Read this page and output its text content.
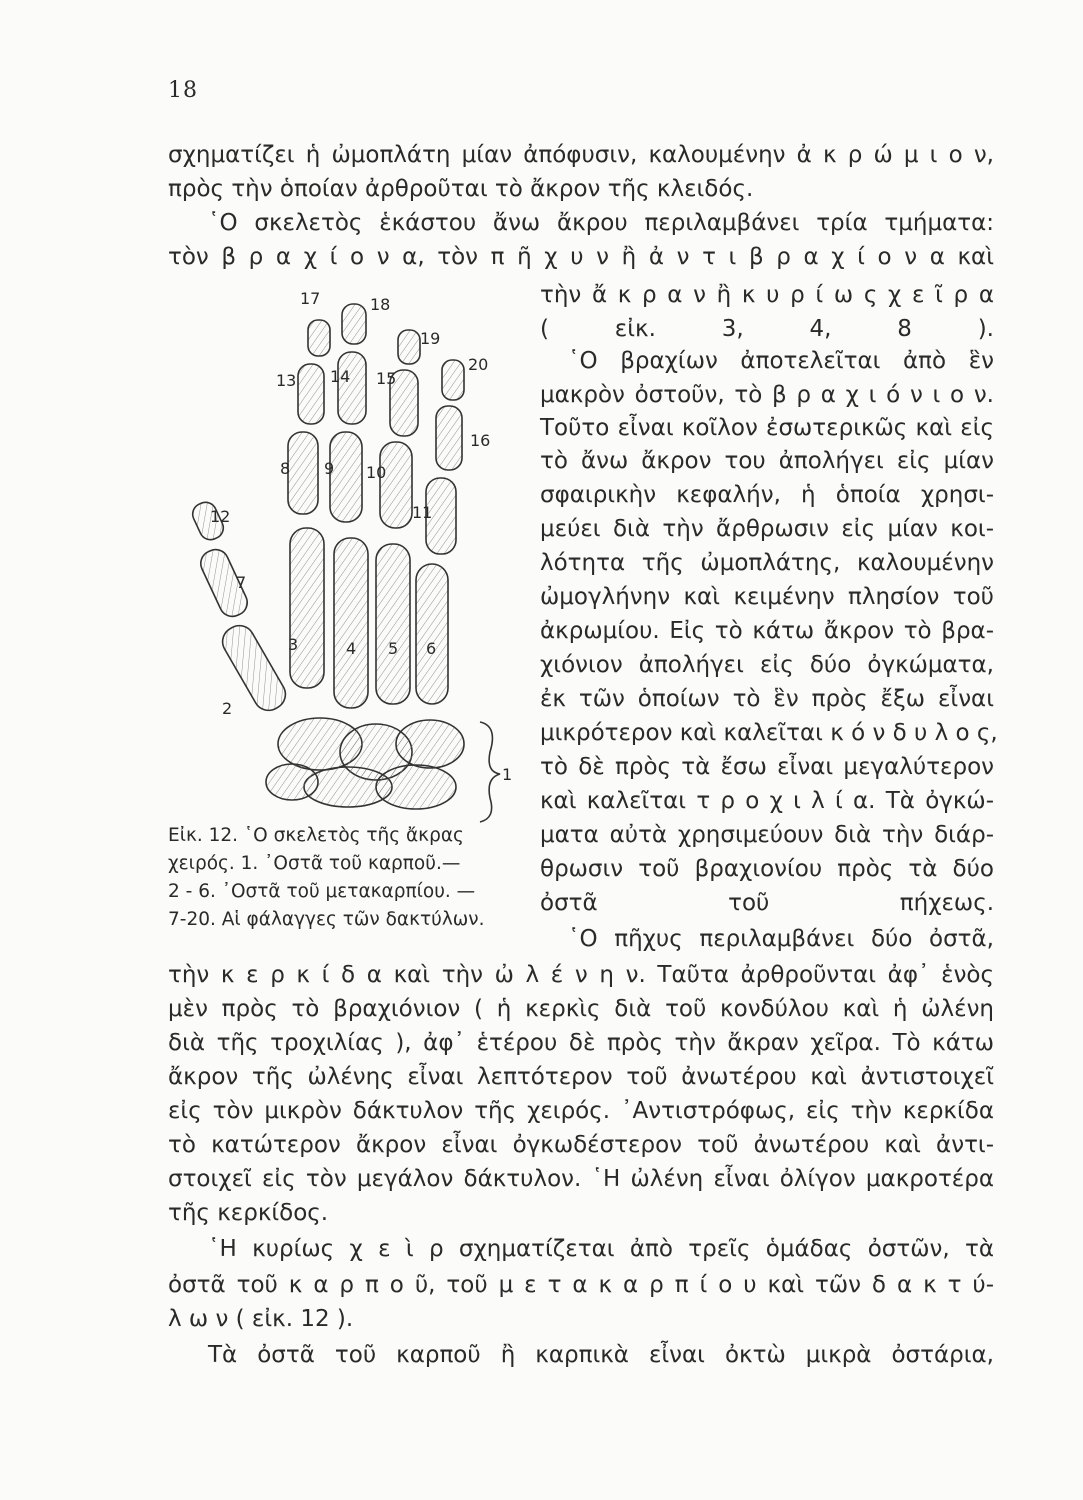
18
σχηματίζει ἡ ὠμοπλάτη μίαν ἀπόφυσιν, καλουμένην ἀ κ ρ ώ μ ι ο ν,
πρὸς τὴν ὁποίαν ἀρθροῦται τὸ ἄκρον τῆς κλειδός.
῾Ο σκελετὸς ἑκάστου ἄνω ἄκρου περιλαμβάνει τρία τμήματα:
τὸν β ρ α χ ί ο ν α, τὸν π ῆ χ υ ν ἢ ἀ ν τ ι β ρ α χ ί ο ν α καὶ
τὴν ἄ κ ρ α ν ἢ κ υ ρ ί ω ς χ ε ῖ ρ α
( εἰκ. 3, 4, 8 ).
῾Ο βραχίων ἀποτελεῖται ἀπὸ ἓν
μακρὸν ὀστοῦν, τὸ β ρ α χ ι ό ν ι ο ν.
Τοῦτο εἶναι κοῖλον ἐσωτερικῶς καὶ εἰς
τὸ ἄνω ἄκρον του ἀπολήγει εἰς μίαν
σφαιρικὴν κεφαλήν, ἡ ὁποία χρησι-
μεύει διὰ τὴν ἄρθρωσιν εἰς μίαν κοι-
λότητα τῆς ὠμοπλάτης, καλουμένην
ὠμογλήνην καὶ κειμένην πλησίον τοῦ
ἀκρωμίου. Εἰς τὸ κάτω ἄκρον τὸ βρα-
χιόνιον ἀπολήγει εἰς δύο ὀγκώματα,
ἐκ τῶν ὁποίων τὸ ἓν πρὸς ἔξω εἶναι
μικρότερον καὶ καλεῖται κ ό ν δ υ λ ο ς,
τὸ δὲ πρὸς τὰ ἔσω εἶναι μεγαλύτερον
καὶ καλεῖται τ ρ ο χ ι λ ί α. Τὰ ὀγκώ-
ματα αὐτὰ χρησιμεύουν διὰ τὴν διάρ-
θρωσιν τοῦ βραχιονίου πρὸς τὰ δύο
ὀστᾶ τοῦ πήχεως.
῾Ο πῆχυς περιλαμβάνει δύο ὀστᾶ,
17	18
19
20
13 14 15
16
8 9 10
11
12
7
3	4 5 6
2
1
Εἰκ. 12. ῾Ο σκελετὸς τῆς ἄκρας
χειρός. 1. ᾿Οστᾶ τοῦ καρποῦ.—
2 - 6. ᾿Οστᾶ τοῦ μετακαρπίου. —
7-20. Αἱ φάλαγγες τῶν δακτύλων.
τὴν κ ε ρ κ ί δ α καὶ τὴν ὠ λ έ ν η ν. Ταῦτα ἀρθροῦνται ἀφ᾿ ἑνὸς
μὲν πρὸς τὸ βραχιόνιον ( ἡ κερκὶς διὰ τοῦ κονδύλου καὶ ἡ ὠλένη
διὰ τῆς τροχιλίας ), ἀφ᾿ ἑτέρου δὲ πρὸς τὴν ἄκραν χεῖρα. Τὸ κάτω
ἄκρον τῆς ὠλένης εἶναι λεπτότερον τοῦ ἀνωτέρου καὶ ἀντιστοιχεῖ
εἰς τὸν μικρὸν δάκτυλον τῆς χειρός. ᾿Αντιστρόφως, εἰς τὴν κερκίδα
τὸ κατώτερον ἄκρον εἶναι ὀγκωδέστερον τοῦ ἀνωτέρου καὶ ἀντι-
στοιχεῖ εἰς τὸν μεγάλον δάκτυλον. ῾Η ὠλένη εἶναι ὀλίγον μακροτέρα
τῆς κερκίδος.
῾Η κυρίως χ ε ὶ ρ σχηματίζεται ἀπὸ τρεῖς ὁμάδας ὀστῶν, τὰ
ὀστᾶ τοῦ κ α ρ π ο ῦ, τοῦ μ ε τ α κ α ρ π ί ο υ καὶ τῶν δ α κ τ ύ-
λ ω ν ( εἰκ. 12 ).
Τὰ ὀστᾶ τοῦ καρποῦ ἢ καρπικὰ εἶναι ὀκτὼ μικρὰ ὀστάρια,
